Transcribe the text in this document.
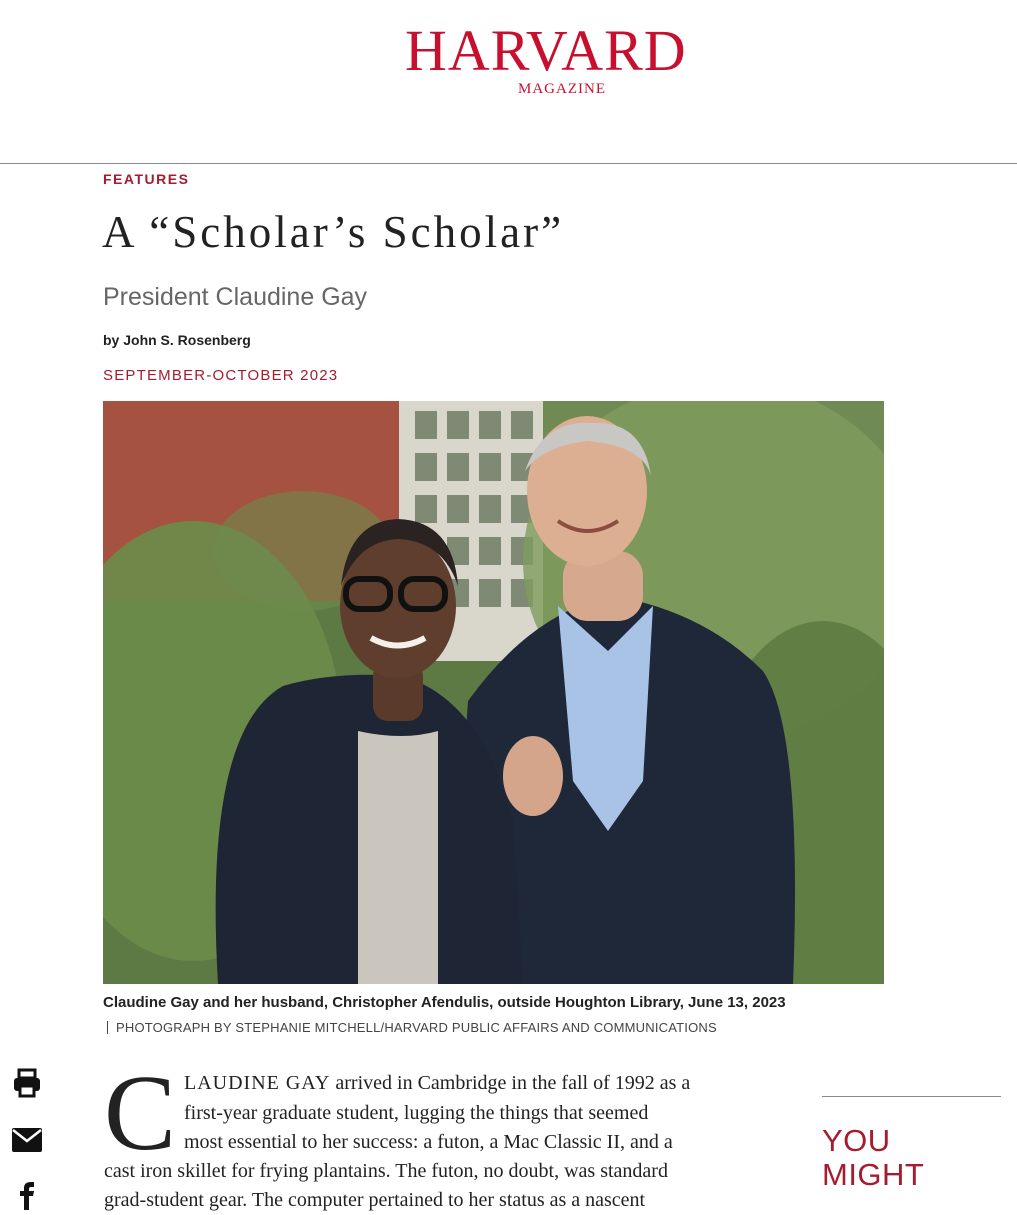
HARVARD
MAGAZINE
FEATURES
A “Scholar’s Scholar”
President Claudine Gay
by John S. Rosenberg
SEPTEMBER-OCTOBER 2023
Claudine Gay and her husband, Christopher Afendulis, outside Houghton Library, June 13, 2023
PHOTOGRAPH BY STEPHANIE MITCHELL/HARVARD PUBLIC AFFAIRS AND COMMUNICATIONS
C LAUDINE GAY arrived in Cambridge in the fall of 1992 as a
first-year graduate student, lugging the things that seemed
most essential to her success: a futon, a Mac Classic II, and a
cast iron skillet for frying plantains. The futon, no doubt, was standard
grad-student gear. The computer pertained to her status as a nascent
YOU
MIGHT
